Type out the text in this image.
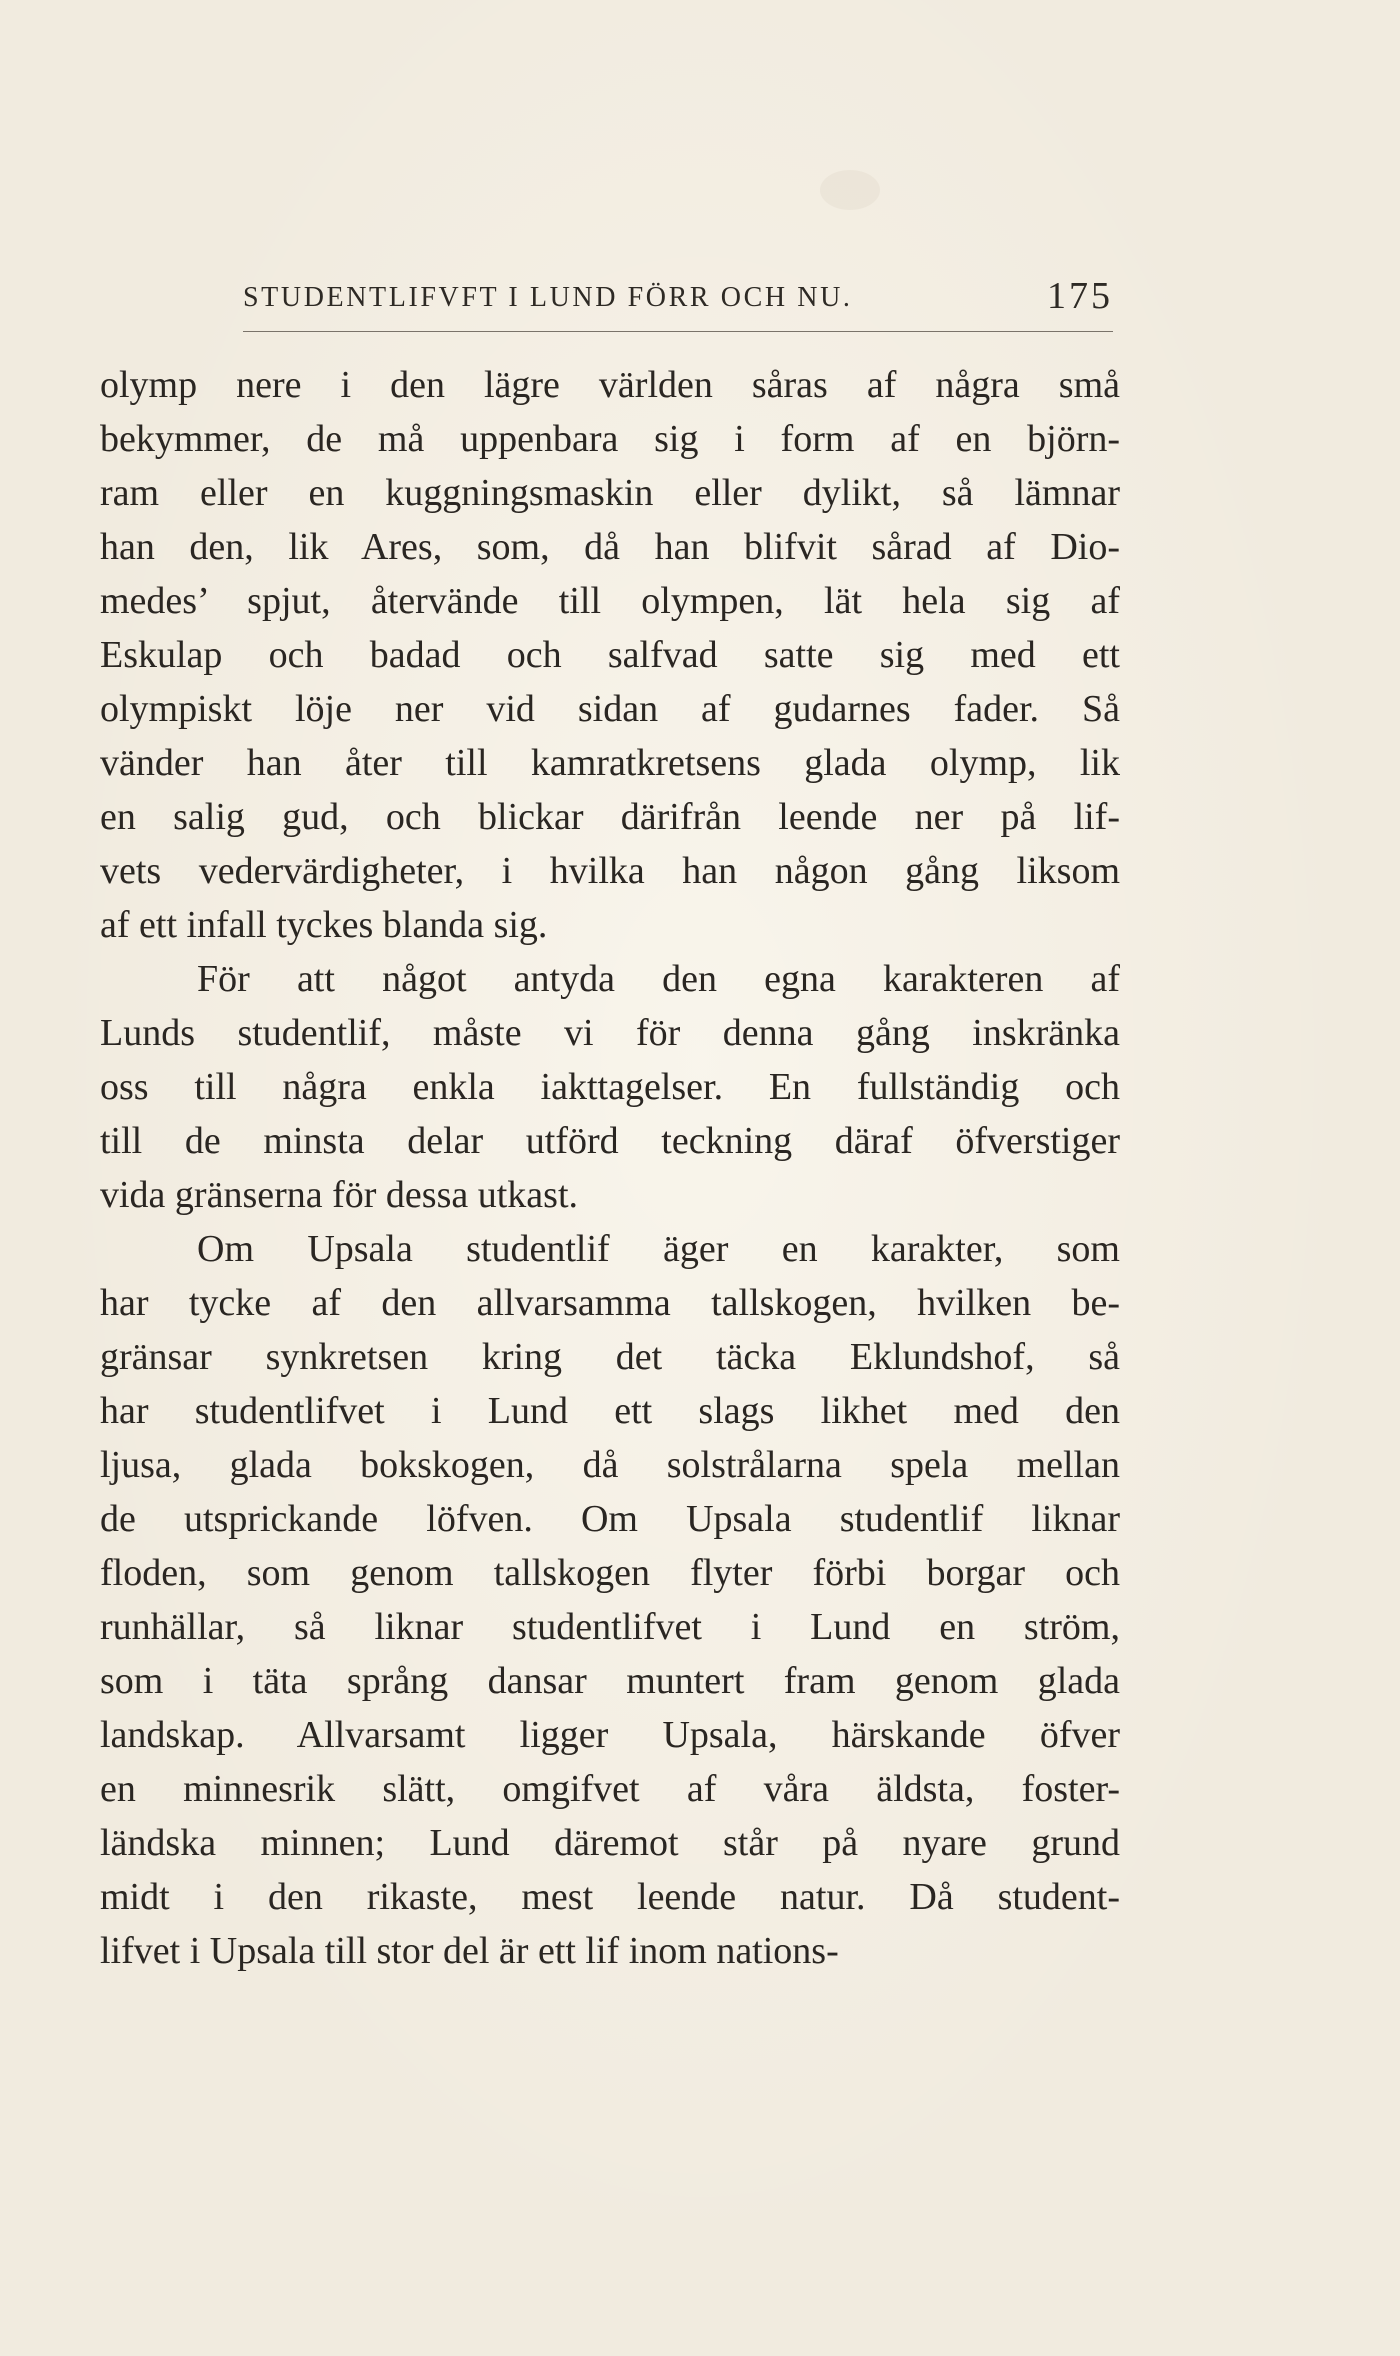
STUDENTLIFVFT I LUND FÖRR OCH NU.	175
olymp nere i den lägre världen såras af några små
bekymmer, de må uppenbara sig i form af en björn-
ram eller en kuggningsmaskin eller dylikt, så lämnar
han den, lik Ares, som, då han blifvit sårad af Dio-
medes’ spjut, återvände till olympen, lät hela sig af
Eskulap och badad och salfvad satte sig med ett
olympiskt löje ner vid sidan af gudarnes fader. Så
vänder han åter till kamratkretsens glada olymp, lik
en salig gud, och blickar därifrån leende ner på lif-
vets vedervärdigheter, i hvilka han någon gång liksom
af ett infall tyckes blanda sig.
För att något antyda den egna karakteren af
Lunds studentlif, måste vi för denna gång inskränka
oss till några enkla iakttagelser. En fullständig och
till de minsta delar utförd teckning däraf öfverstiger
vida gränserna för dessa utkast.
Om Upsala studentlif äger en karakter, som
har tycke af den allvarsamma tallskogen, hvilken be-
gränsar synkretsen kring det täcka Eklundshof, så
har studentlifvet i Lund ett slags likhet med den
ljusa, glada bokskogen, då solstrålarna spela mellan
de utsprickande löfven. Om Upsala studentlif liknar
floden, som genom tallskogen flyter förbi borgar och
runhällar, så liknar studentlifvet i Lund en ström,
som i täta språng dansar muntert fram genom glada
landskap. Allvarsamt ligger Upsala, härskande öfver
en minnesrik slätt, omgifvet af våra äldsta, foster-
ländska minnen; Lund däremot står på nyare grund
midt i den rikaste, mest leende natur. Då student-
lifvet i Upsala till stor del är ett lif inom nations-
